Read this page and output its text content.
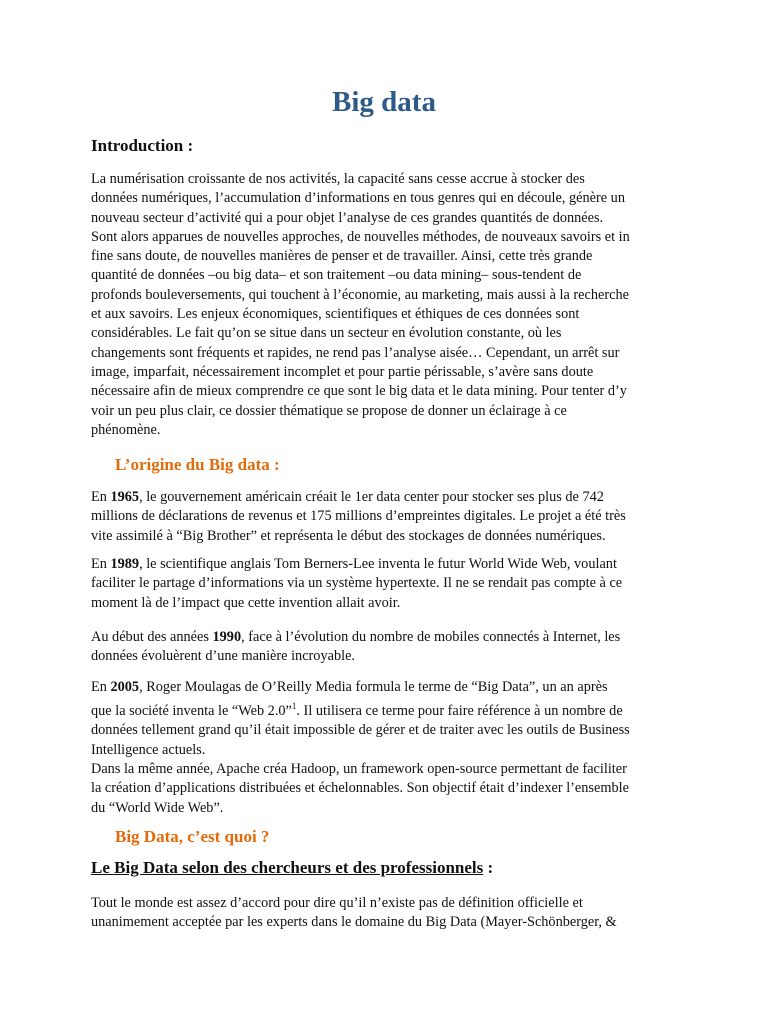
Big data
Introduction :

La numérisation croissante de nos activités, la capacité sans cesse accrue à stocker des
données numériques, l’accumulation d’informations en tous genres qui en découle, génère un
nouveau secteur d’activité qui a pour objet l’analyse de ces grandes quantités de données.
Sont alors apparues de nouvelles approches, de nouvelles méthodes, de nouveaux savoirs et in
fine sans doute, de nouvelles manières de penser et de travailler. Ainsi, cette très grande
quantité de données –ou big data– et son traitement –ou data mining– sous-tendent de
profonds bouleversements, qui touchent à l’économie, au marketing, mais aussi à la recherche
et aux savoirs. Les enjeux économiques, scientifiques et éthiques de ces données sont
considérables. Le fait qu’on se situe dans un secteur en évolution constante, où les
changements sont fréquents et rapides, ne rend pas l’analyse aisée… Cependant, un arrêt sur
image, imparfait, nécessairement incomplet et pour partie périssable, s’avère sans doute
nécessaire afin de mieux comprendre ce que sont le big data et le data mining. Pour tenter d’y
voir un peu plus clair, ce dossier thématique se propose de donner un éclairage à ce
phénomène.

L’origine du Big data :

En 1965, le gouvernement américain créait le 1er data center pour stocker ses plus de 742
millions de déclarations de revenus et 175 millions d’empreintes digitales. Le projet a été très
vite assimilé à “Big Brother” et représenta le début des stockages de données numériques.

En 1989, le scientifique anglais Tom Berners-Lee inventa le futur World Wide Web, voulant
faciliter le partage d’informations via un système hypertexte. Il ne se rendait pas compte à ce
moment là de l’impact que cette invention allait avoir.

Au début des années 1990, face à l’évolution du nombre de mobiles connectés à Internet, les
données évoluèrent d’une manière incroyable.

En 2005, Roger Moulagas de O’Reilly Media formula le terme de “Big Data”, un an après
que la société inventa le “Web 2.0”$^1$. Il utilisera ce terme pour faire référence à un nombre de
données tellement grand qu’il était impossible de gérer et de traiter avec les outils de Business
Intelligence actuels.
Dans la même année, Apache créa Hadoop, un framework open-source permettant de faciliter
la création d’applications distribuées et échelonnables. Son objectif était d’indexer l’ensemble
du “World Wide Web”.

Big Data, c’est quoi ?
Le Big Data selon des chercheurs et des professionnels :

Tout le monde est assez d’accord pour dire qu’il n’existe pas de définition officielle et
unanimement acceptée par les experts dans le domaine du Big Data (Mayer-Schönberger, &
